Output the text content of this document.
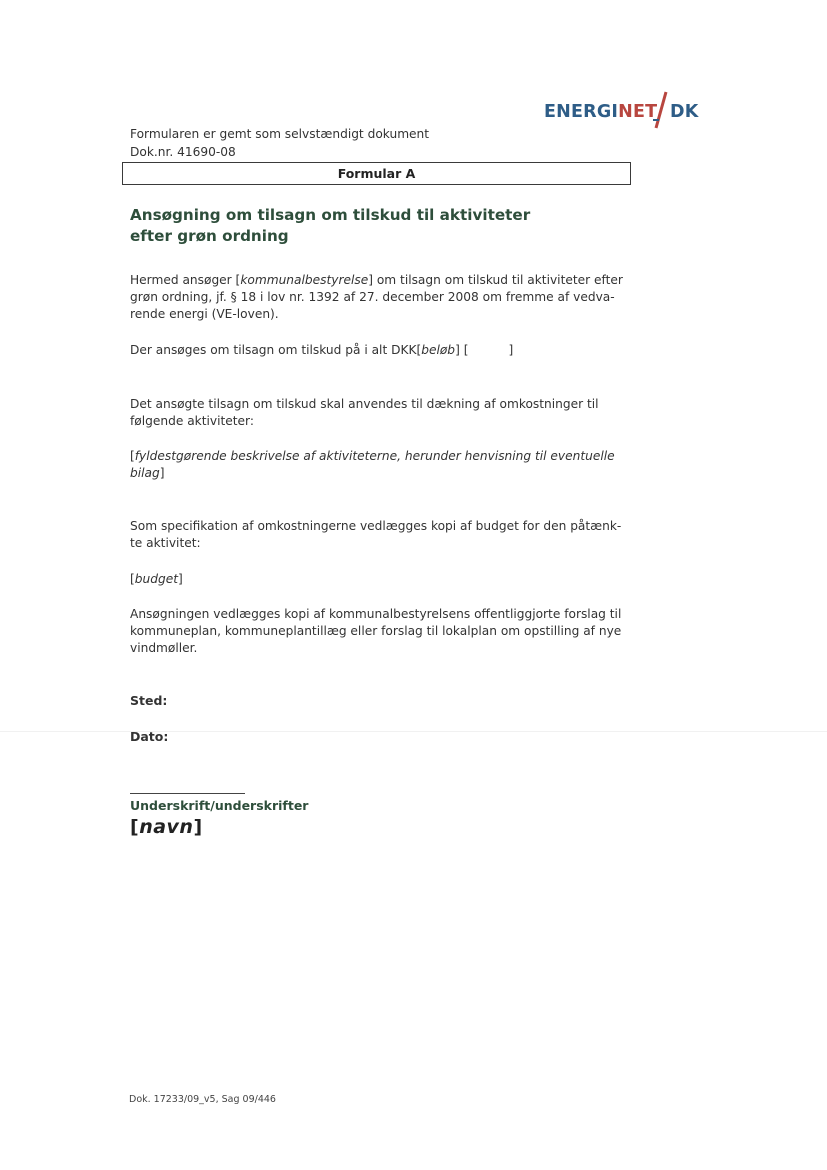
ENERGINET DK
Formularen er gemt som selvstændigt dokument
Dok.nr. 41690-08
Formular A
Ansøgning om tilsagn om tilskud til aktiviteter
efter grøn ordning
Hermed ansøger [kommunalbestyrelse] om tilsagn om tilskud til aktiviteter efter
grøn ordning, jf. § 18 i lov nr. 1392 af 27. december 2008 om fremme af vedva-
rende energi (VE-loven).
Der ansøges om tilsagn om tilskud på i alt DKK[beløb] [	]
Det ansøgte tilsagn om tilskud skal anvendes til dækning af omkostninger til
følgende aktiviteter:
[fyldestgørende beskrivelse af aktiviteterne, herunder henvisning til eventuelle
bilag]
Som specifikation af omkostningerne vedlægges kopi af budget for den påtænk-
te aktivitet:
[budget]
Ansøgningen vedlægges kopi af kommunalbestyrelsens offentliggjorte forslag til
kommuneplan, kommuneplantillæg eller forslag til lokalplan om opstilling af nye
vindmøller.
Sted:
Dato:
Underskrift/underskrifter
[navn]
Dok. 17233/09_v5, Sag 09/446
